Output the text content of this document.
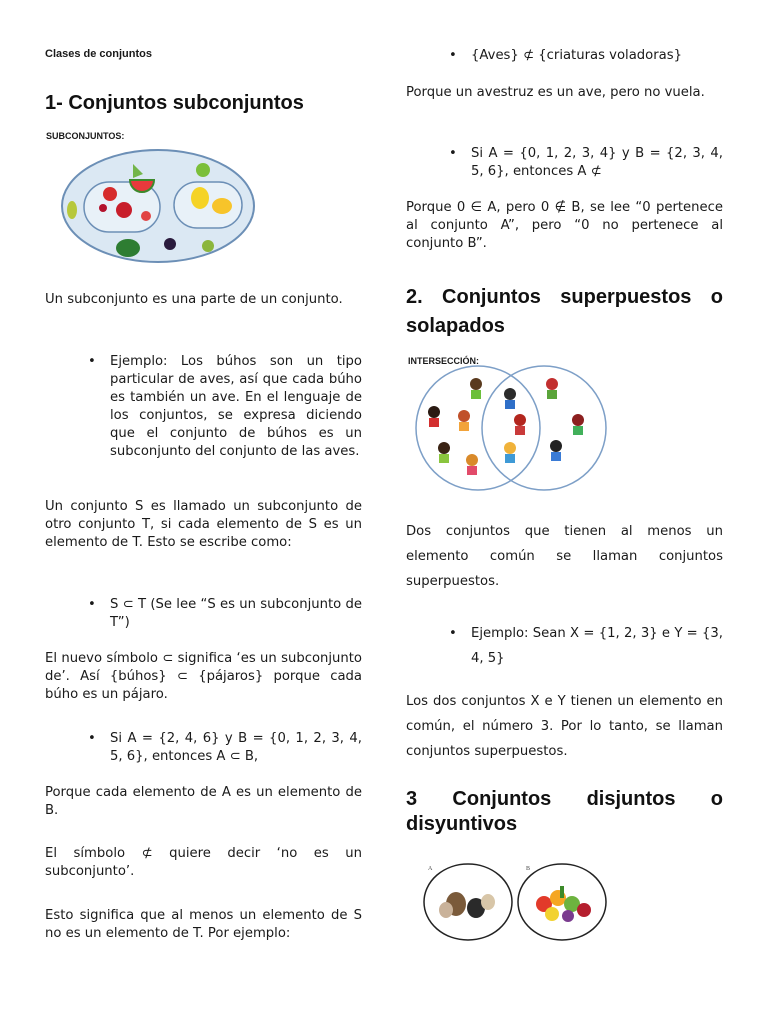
Clases de conjuntos
1- Conjuntos subconjuntos
SUBCONJUNTOS:

Un subconjunto es una parte de un conjunto.

• Ejemplo: Los búhos son un tipo particular de aves, así que cada búho es también un ave. En el lenguaje de los conjuntos, se expresa diciendo que el conjunto de búhos es un subconjunto del conjunto de las aves.

Un conjunto S es llamado un subconjunto de otro conjunto T, si cada elemento de S es un elemento de T. Esto se escribe como:

• S ⊂ T (Se lee “S es un subconjunto de T”)

El nuevo símbolo ⊂ significa ‘es un subconjunto de’. Así {búhos} ⊂ {pájaros} porque cada búho es un pájaro.

• Si A = {2, 4, 6} y B = {0, 1, 2, 3, 4, 5, 6}, entonces A ⊂ B,

Porque cada elemento de A es un elemento de B.

El símbolo ⊄ quiere decir ‘no es un subconjunto’.

Esto significa que al menos un elemento de S no es un elemento de T. Por ejemplo:

• {Aves} ⊄ {criaturas voladoras}

Porque un avestruz es un ave, pero no vuela.

• Si A = {0, 1, 2, 3, 4} y B = {2, 3, 4, 5, 6}, entonces A ⊄

Porque 0 ∈ A, pero 0 ∉ B, se lee “0 pertenece al conjunto A”, pero “0 no pertenece al conjunto B”.

2. Conjuntos superpuestos o solapados
INTERSECCIÓN:

Dos conjuntos que tienen al menos un elemento común se llaman conjuntos superpuestos.

• Ejemplo: Sean X = {1, 2, 3} e Y = {3, 4, 5}

Los dos conjuntos X e Y tienen un elemento en común, el número 3. Por lo tanto, se llaman conjuntos superpuestos.

3 Conjuntos disjuntos o disyuntivos
A	B
